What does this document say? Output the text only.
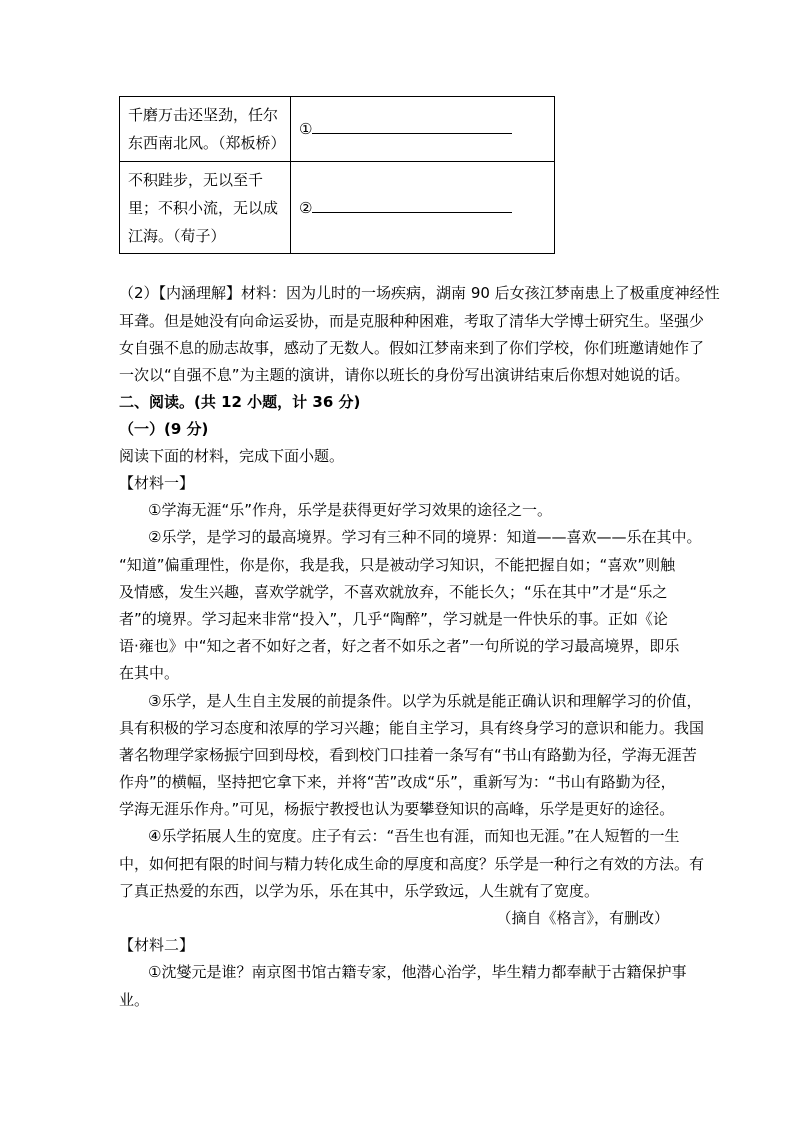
千磨万击还坚劲，任尔
东西南北风。（郑板桥）	①

不积跬步，无以至千
里；不积小流，无以成
江海。（荀子）	②
（2）【内涵理解】材料：因为儿时的一场疾病，湖南 90 后女孩江梦南患上了极重度神经性
耳聋。但是她没有向命运妥协，而是克服种种困难，考取了清华大学博士研究生。坚强少
女自强不息的励志故事，感动了无数人。假如江梦南来到了你们学校，你们班邀请她作了
一次以“自强不息”为主题的演讲，请你以班长的身份写出演讲结束后你想对她说的话。
二、阅读。(共 12 小题，计 36 分)
（一）(9 分)
阅读下面的材料，完成下面小题。
【材料一】
①学海无涯“乐”作舟，乐学是获得更好学习效果的途径之一。
②乐学，是学习的最高境界。学习有三种不同的境界：知道——喜欢——乐在其中。
“知道”偏重理性，你是你，我是我，只是被动学习知识，不能把握自如；“喜欢”则触
及情感，发生兴趣，喜欢学就学，不喜欢就放弃，不能长久；“乐在其中”才是“乐之
者”的境界。学习起来非常“投入”，几乎“陶醉”，学习就是一件快乐的事。正如《论
语·雍也》中“知之者不如好之者，好之者不如乐之者”一句所说的学习最高境界，即乐
在其中。
③乐学，是人生自主发展的前提条件。以学为乐就是能正确认识和理解学习的价值，
具有积极的学习态度和浓厚的学习兴趣；能自主学习，具有终身学习的意识和能力。我国
著名物理学家杨振宁回到母校，看到校门口挂着一条写有“书山有路勤为径，学海无涯苦
作舟”的横幅，坚持把它拿下来，并将“苦”改成“乐”，重新写为：“书山有路勤为径，
学海无涯乐作舟。”可见，杨振宁教授也认为要攀登知识的高峰，乐学是更好的途径。
④乐学拓展人生的宽度。庄子有云：“吾生也有涯，而知也无涯。”在人短暂的一生
中，如何把有限的时间与精力转化成生命的厚度和高度？乐学是一种行之有效的方法。有
了真正热爱的东西，以学为乐，乐在其中，乐学致远，人生就有了宽度。
（摘自《格言》，有删改）
【材料二】
①沈燮元是谁？南京图书馆古籍专家，他潜心治学，毕生精力都奉献于古籍保护事
业。
